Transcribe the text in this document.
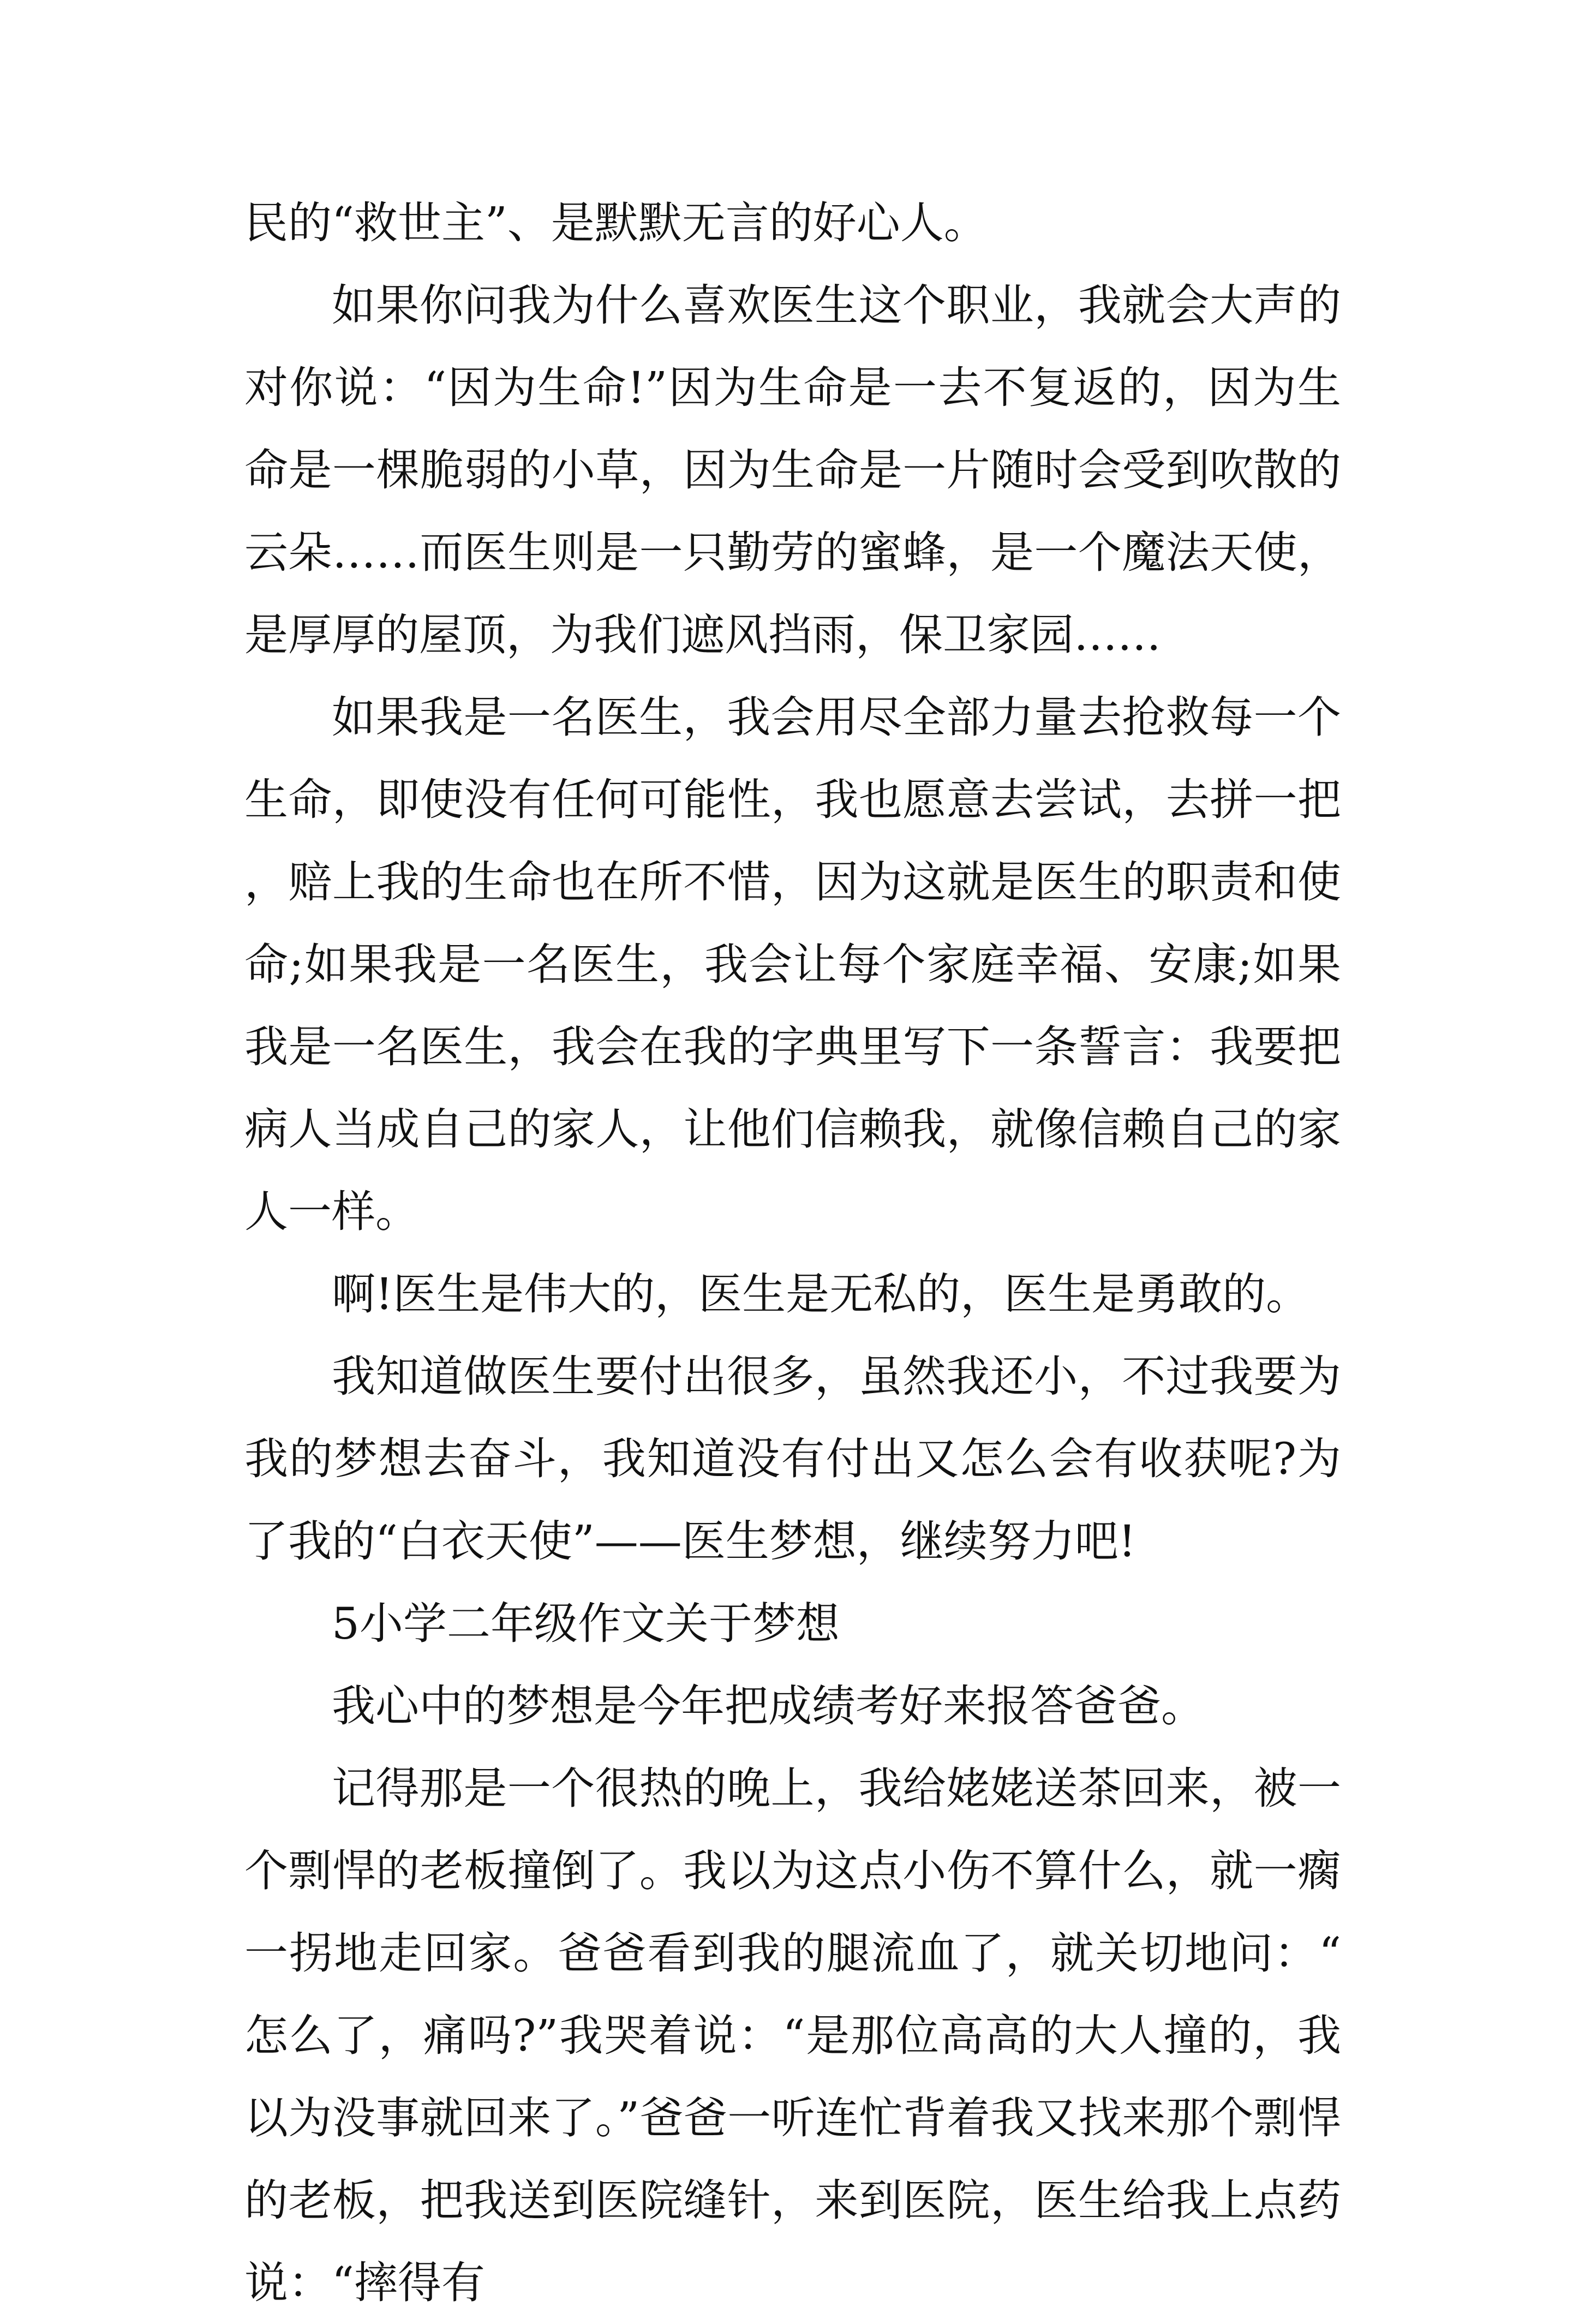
民的“救世主”、是默默无言的好心人。

如果你问我为什么喜欢医生这个职业，我就会大声的对你说：“因为生命!”因为生命是一去不复返的，因为生命是一棵脆弱的小草，因为生命是一片随时会受到吹散的云朵……而医生则是一只勤劳的蜜蜂，是一个魔法天使，是厚厚的屋顶，为我们遮风挡雨，保卫家园……

如果我是一名医生，我会用尽全部力量去抢救每一个生命，即使没有任何可能性，我也愿意去尝试，去拼一把，赔上我的生命也在所不惜，因为这就是医生的职责和使命;如果我是一名医生，我会让每个家庭幸福、安康;如果我是一名医生，我会在我的字典里写下一条誓言：我要把病人当成自己的家人，让他们信赖我，就像信赖自己的家人一样。

啊!医生是伟大的，医生是无私的，医生是勇敢的。

我知道做医生要付出很多，虽然我还小，不过我要为我的梦想去奋斗，我知道没有付出又怎么会有收获呢?为了我的“白衣天使”——医生梦想，继续努力吧!

5小学二年级作文关于梦想

我心中的梦想是今年把成绩考好来报答爸爸。

记得那是一个很热的晚上，我给姥姥送茶回来，被一个剽悍的老板撞倒了。我以为这点小伤不算什么，就一瘸一拐地走回家。爸爸看到我的腿流血了，就关切地问：“怎么了，痛吗?”我哭着说：“是那位高高的大人撞的，我以为没事就回来了。”爸爸一听连忙背着我又找来那个剽悍的老板，把我送到医院缝针，来到医院，医生给我上点药说：“摔得有
